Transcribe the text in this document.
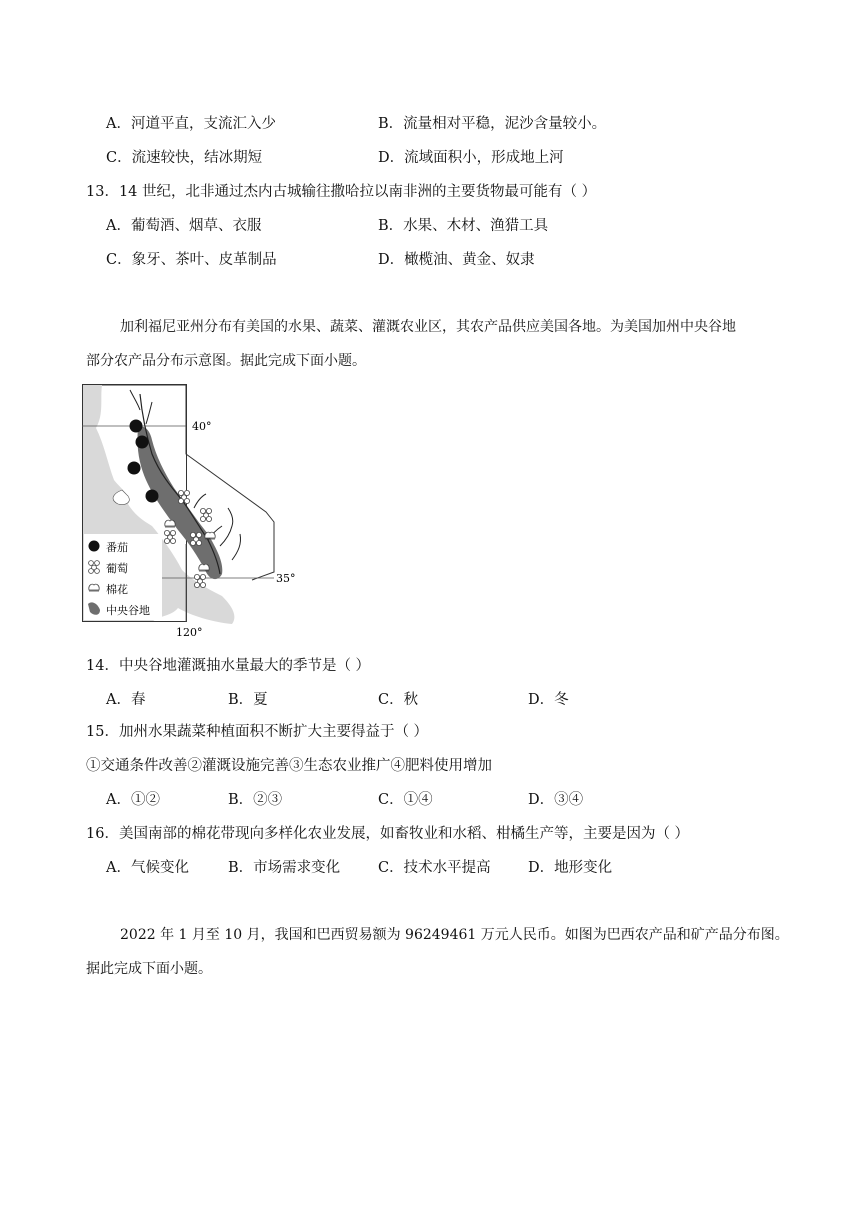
A．河道平直，支流汇入少	B．流量相对平稳，泥沙含量较小。
C．流速较快，结冰期短	D．流域面积小，形成地上河
13．14 世纪，北非通过杰内古城输往撒哈拉以南非洲的主要货物最可能有（ ）
A．葡萄酒、烟草、衣服	B．水果、木材、渔猎工具
C．象牙、茶叶、皮革制品	D．橄榄油、黄金、奴隶
加利福尼亚州分布有美国的水果、蔬菜、灌溉农业区，其农产品供应美国各地。为美国加州中央谷地
部分农产品分布示意图。据此完成下面小题。
番茄
葡萄
棉花
中央谷地
40°
35°
120°
14．中央谷地灌溉抽水量最大的季节是（ ）
A．春	B．夏	C．秋	D．冬
15．加州水果蔬菜种植面积不断扩大主要得益于（ ）
①交通条件改善②灌溉设施完善③生态农业推广④肥料使用增加
A．①②	B．②③	C．①④	D．③④
16．美国南部的棉花带现向多样化农业发展，如畜牧业和水稻、柑橘生产等，主要是因为（ ）
A．气候变化	B．市场需求变化	C．技术水平提高	D．地形变化
2022 年 1 月至 10 月，我国和巴西贸易额为 96249461 万元人民币。如图为巴西农产品和矿产品分布图。
据此完成下面小题。
